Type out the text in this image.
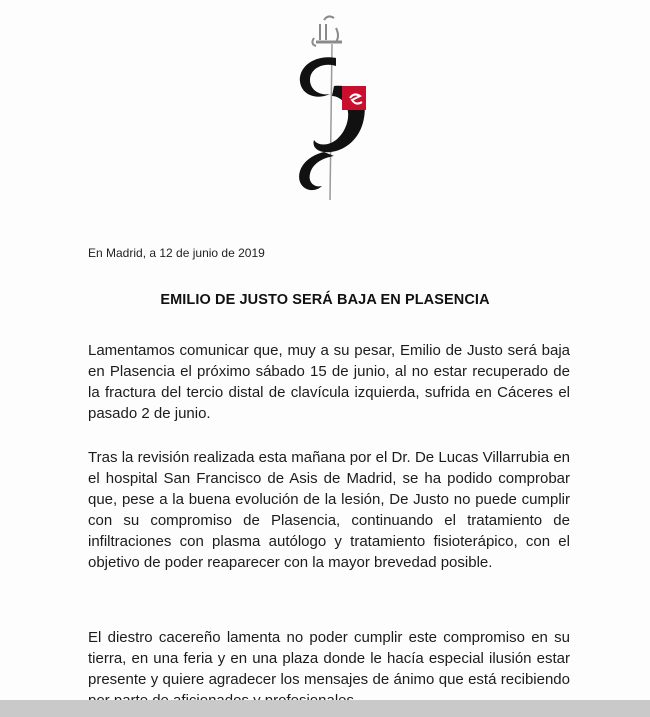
En Madrid, a 12 de junio de 2019
EMILIO DE JUSTO SERÁ BAJA EN PLASENCIA

Lamentamos comunicar que, muy a su pesar, Emilio de Justo será baja en Plasencia el próximo sábado 15 de junio, al no estar recuperado de la fractura del tercio distal de clavícula izquierda, sufrida en Cáceres el pasado 2 de junio.

Tras la revisión realizada esta mañana por el Dr. De Lucas Villarrubia en el hospital San Francisco de Asis de Madrid, se ha podido comprobar que, pese a la buena evolución de la lesión, De Justo no puede cumplir con su compromiso de Plasencia, continuando el tratamiento de infiltraciones con plasma autólogo y tratamiento fisioterápico, con el objetivo de poder reaparecer con la mayor brevedad posible.

El diestro cacereño lamenta no poder cumplir este compromiso en su tierra, en una feria y en una plaza donde le hacía especial ilusión estar presente y quiere agradecer los mensajes de ánimo que está recibiendo
